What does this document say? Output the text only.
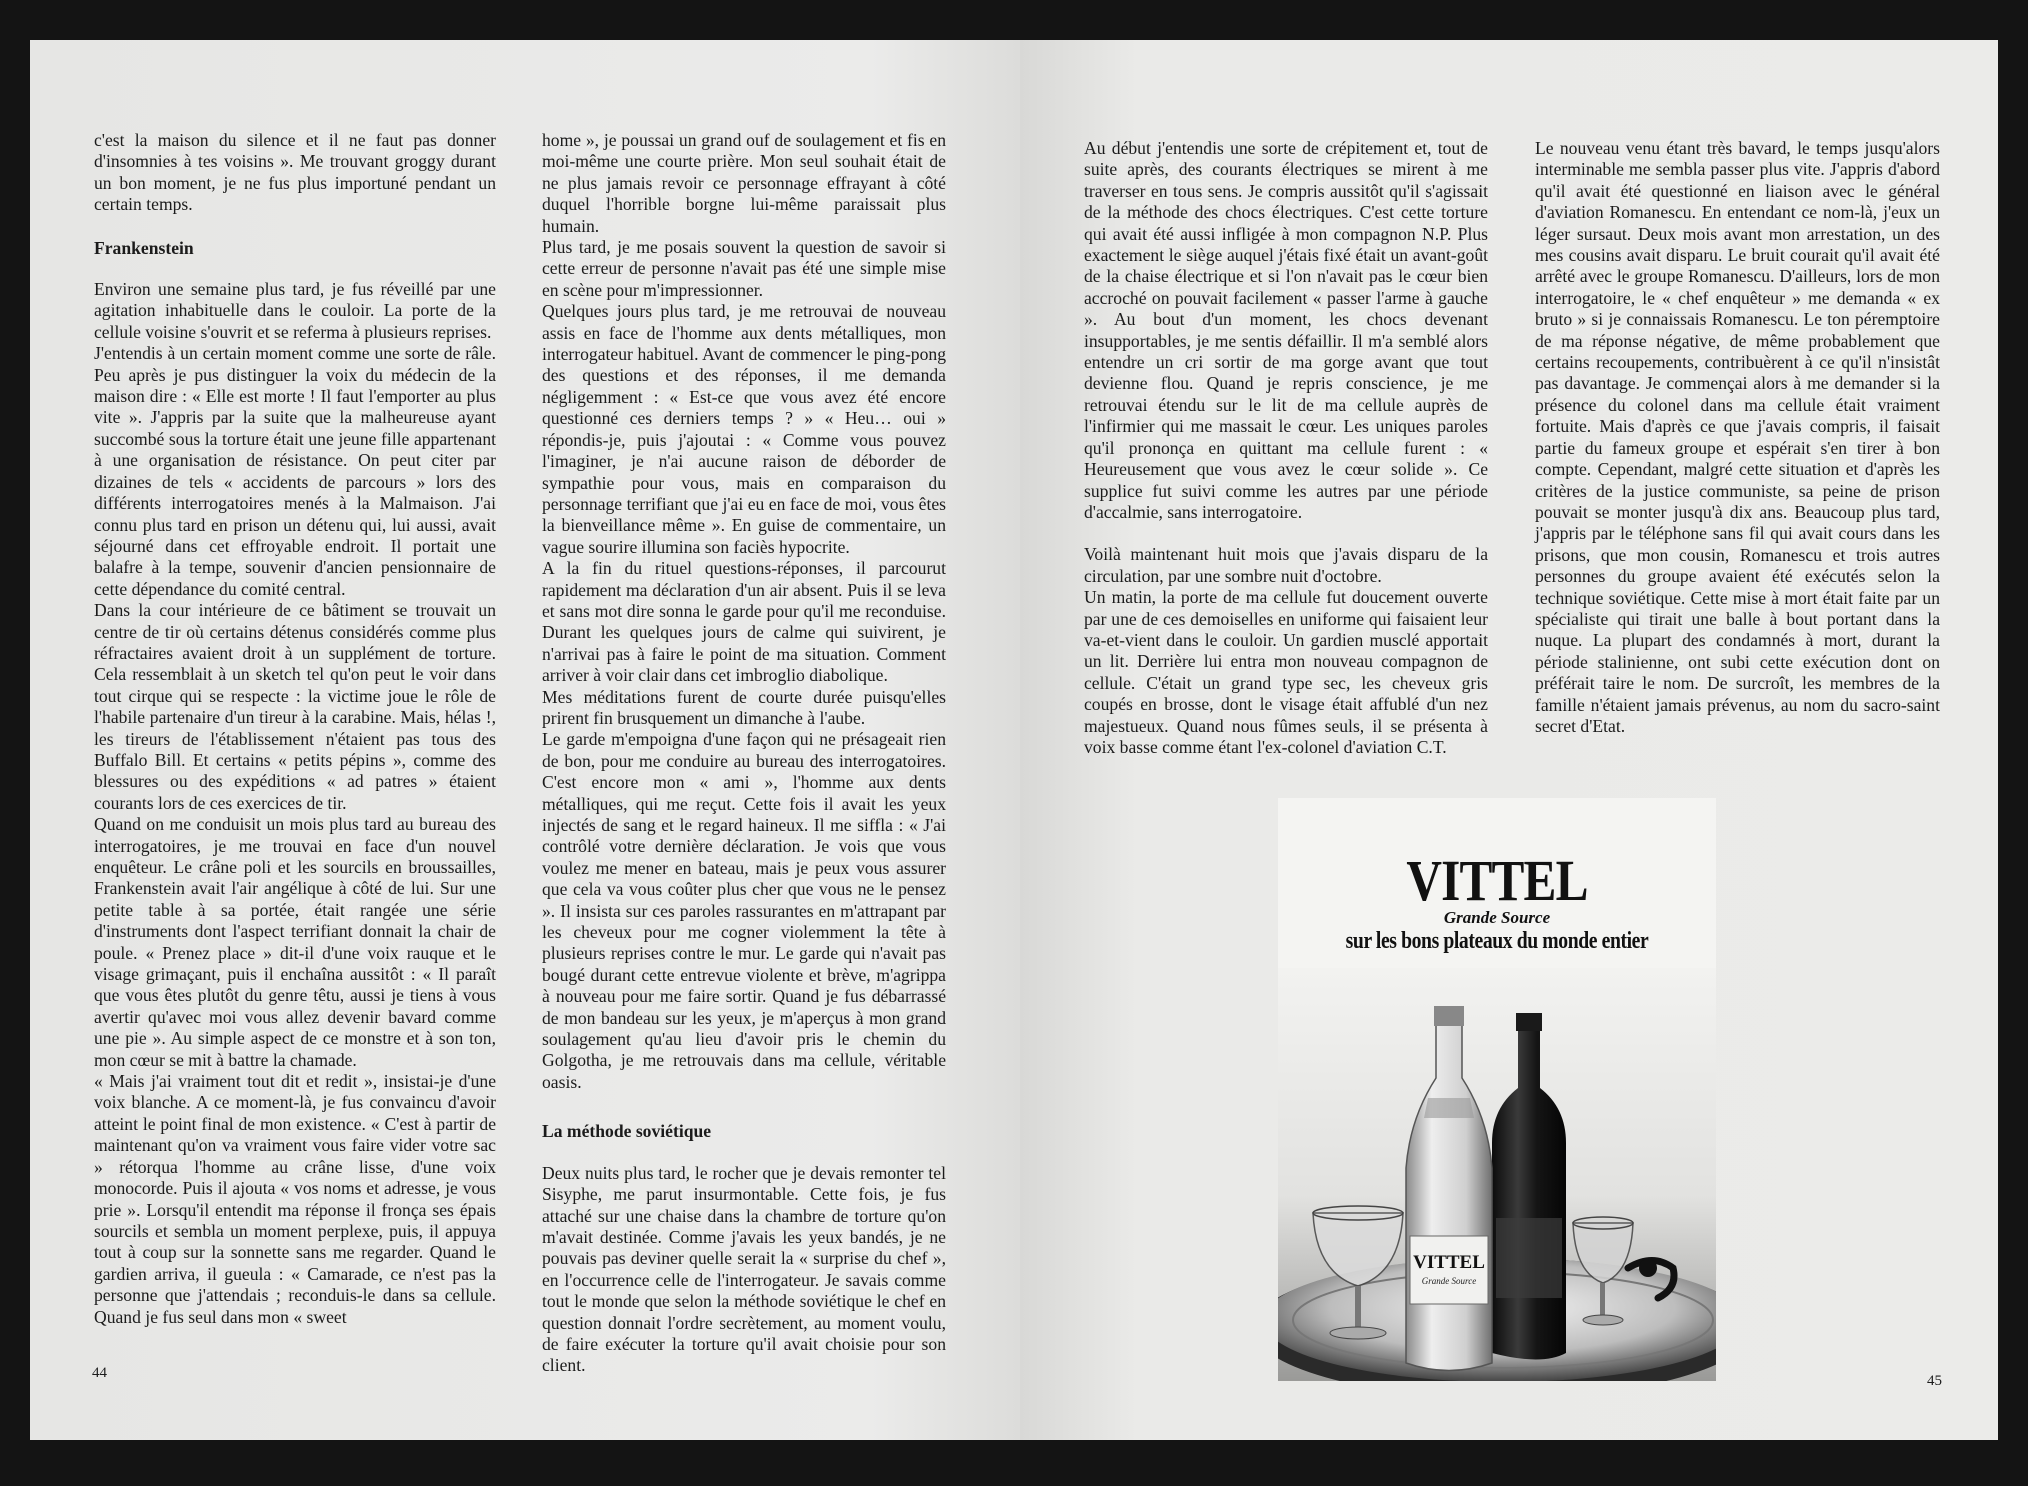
c'est la maison du silence et il ne faut pas donner d'insomnies à tes voisins ». Me trouvant groggy durant un bon moment, je ne fus plus importuné pendant un certain temps.

Frankenstein

Environ une semaine plus tard, je fus réveillé par une agitation inhabituelle dans le couloir. La porte de la cellule voisine s'ouvrit et se referma à plusieurs reprises.

J'entendis à un certain moment comme une sorte de râle. Peu après je pus distinguer la voix du médecin de la maison dire : « Elle est morte ! Il faut l'emporter au plus vite ». J'appris par la suite que la malheureuse ayant succombé sous la torture était une jeune fille appartenant à une organisation de résistance. On peut citer par dizaines de tels « accidents de parcours » lors des différents interrogatoires menés à la Malmaison. J'ai connu plus tard en prison un détenu qui, lui aussi, avait séjourné dans cet effroyable endroit. Il portait une balafre à la tempe, souvenir d'ancien pensionnaire de cette dépendance du comité central.

Dans la cour intérieure de ce bâtiment se trouvait un centre de tir où certains détenus considérés comme plus réfractaires avaient droit à un supplément de torture. Cela ressemblait à un sketch tel qu'on peut le voir dans tout cirque qui se respecte : la victime joue le rôle de l'habile partenaire d'un tireur à la carabine. Mais, hélas !, les tireurs de l'établissement n'étaient pas tous des Buffalo Bill. Et certains « petits pépins », comme des blessures ou des expéditions « ad patres » étaient courants lors de ces exercices de tir.

Quand on me conduisit un mois plus tard au bureau des interrogatoires, je me trouvai en face d'un nouvel enquêteur. Le crâne poli et les sourcils en broussailles, Frankenstein avait l'air angélique à côté de lui. Sur une petite table à sa portée, était rangée une série d'instruments dont l'aspect terrifiant donnait la chair de poule. « Prenez place » dit-il d'une voix rauque et le visage grimaçant, puis il enchaîna aussitôt : « Il paraît que vous êtes plutôt du genre têtu, aussi je tiens à vous avertir qu'avec moi vous allez devenir bavard comme une pie ». Au simple aspect de ce monstre et à son ton, mon cœur se mit à battre la chamade.

« Mais j'ai vraiment tout dit et redit », insistai-je d'une voix blanche. A ce moment-là, je fus convaincu d'avoir atteint le point final de mon existence. « C'est à partir de maintenant qu'on va vraiment vous faire vider votre sac » rétorqua l'homme au crâne lisse, d'une voix monocorde. Puis il ajouta « vos noms et adresse, je vous prie ». Lorsqu'il entendit ma réponse il fronça ses épais sourcils et sembla un moment perplexe, puis, il appuya tout à coup sur la sonnette sans me regarder. Quand le gardien arriva, il gueula : « Camarade, ce n'est pas la personne que j'attendais ; reconduis-le dans sa cellule. Quand je fus seul dans mon « sweet

home », je poussai un grand ouf de soulagement et fis en moi-même une courte prière. Mon seul souhait était de ne plus jamais revoir ce personnage effrayant à côté duquel l'horrible borgne lui-même paraissait plus humain.

Plus tard, je me posais souvent la question de savoir si cette erreur de personne n'avait pas été une simple mise en scène pour m'impressionner.

Quelques jours plus tard, je me retrouvai de nouveau assis en face de l'homme aux dents métalliques, mon interrogateur habituel. Avant de commencer le ping-pong des questions et des réponses, il me demanda négligemment : « Est-ce que vous avez été encore questionné ces derniers temps ? » « Heu… oui » répondis-je, puis j'ajoutai : « Comme vous pouvez l'imaginer, je n'ai aucune raison de déborder de sympathie pour vous, mais en comparaison du personnage terrifiant que j'ai eu en face de moi, vous êtes la bienveillance même ». En guise de commentaire, un vague sourire illumina son faciès hypocrite.

A la fin du rituel questions-réponses, il parcourut rapidement ma déclaration d'un air absent. Puis il se leva et sans mot dire sonna le garde pour qu'il me reconduise. Durant les quelques jours de calme qui suivirent, je n'arrivai pas à faire le point de ma situation. Comment arriver à voir clair dans cet imbroglio diabolique.

Mes méditations furent de courte durée puisqu'elles prirent fin brusquement un dimanche à l'aube.

Le garde m'empoigna d'une façon qui ne présageait rien de bon, pour me conduire au bureau des interrogatoires. C'est encore mon « ami », l'homme aux dents métalliques, qui me reçut. Cette fois il avait les yeux injectés de sang et le regard haineux. Il me siffla : « J'ai contrôlé votre dernière déclaration. Je vois que vous voulez me mener en bateau, mais je peux vous assurer que cela va vous coûter plus cher que vous ne le pensez ». Il insista sur ces paroles rassurantes en m'attrapant par les cheveux pour me cogner violemment la tête à plusieurs reprises contre le mur. Le garde qui n'avait pas bougé durant cette entrevue violente et brève, m'agrippa à nouveau pour me faire sortir. Quand je fus débarrassé de mon bandeau sur les yeux, je m'aperçus à mon grand soulagement qu'au lieu d'avoir pris le chemin du Golgotha, je me retrouvais dans ma cellule, véritable oasis.

La méthode soviétique

Deux nuits plus tard, le rocher que je devais remonter tel Sisyphe, me parut insurmontable. Cette fois, je fus attaché sur une chaise dans la chambre de torture qu'on m'avait destinée. Comme j'avais les yeux bandés, je ne pouvais pas deviner quelle serait la « surprise du chef », en l'occurrence celle de l'interrogateur. Je savais comme tout le monde que selon la méthode soviétique le chef en question donnait l'ordre secrètement, au moment voulu, de faire exécuter la torture qu'il avait choisie pour son client.

44

Au début j'entendis une sorte de crépitement et, tout de suite après, des courants électriques se mirent à me traverser en tous sens. Je compris aussitôt qu'il s'agissait de la méthode des chocs électriques. C'est cette torture qui avait été aussi infligée à mon compagnon N.P. Plus exactement le siège auquel j'étais fixé était un avant-goût de la chaise électrique et si l'on n'avait pas le cœur bien accroché on pouvait facilement « passer l'arme à gauche ». Au bout d'un moment, les chocs devenant insupportables, je me sentis défaillir. Il m'a semblé alors entendre un cri sortir de ma gorge avant que tout devienne flou. Quand je repris conscience, je me retrouvai étendu sur le lit de ma cellule auprès de l'infirmier qui me massait le cœur. Les uniques paroles qu'il prononça en quittant ma cellule furent : « Heureusement que vous avez le cœur solide ». Ce supplice fut suivi comme les autres par une période d'accalmie, sans interrogatoire.

Voilà maintenant huit mois que j'avais disparu de la circulation, par une sombre nuit d'octobre.

Un matin, la porte de ma cellule fut doucement ouverte par une de ces demoiselles en uniforme qui faisaient leur va-et-vient dans le couloir. Un gardien musclé apportait un lit. Derrière lui entra mon nouveau compagnon de cellule. C'était un grand type sec, les cheveux gris coupés en brosse, dont le visage était affublé d'un nez majestueux. Quand nous fûmes seuls, il se présenta à voix basse comme étant l'ex-colonel d'aviation C.T.

Le nouveau venu étant très bavard, le temps jusqu'alors interminable me sembla passer plus vite. J'appris d'abord qu'il avait été questionné en liaison avec le général d'aviation Romanescu. En entendant ce nom-là, j'eux un léger sursaut. Deux mois avant mon arrestation, un des mes cousins avait disparu. Le bruit courait qu'il avait été arrêté avec le groupe Romanescu. D'ailleurs, lors de mon interrogatoire, le « chef enquêteur » me demanda « ex bruto » si je connaissais Romanescu. Le ton péremptoire de ma réponse négative, de même probablement que certains recoupements, contribuèrent à ce qu'il n'insistât pas davantage. Je commençai alors à me demander si la présence du colonel dans ma cellule était vraiment fortuite. Mais d'après ce que j'avais compris, il faisait partie du fameux groupe et espérait s'en tirer à bon compte. Cependant, malgré cette situation et d'après les critères de la justice communiste, sa peine de prison pouvait se monter jusqu'à dix ans. Beaucoup plus tard, j'appris par le téléphone sans fil qui avait cours dans les prisons, que mon cousin, Romanescu et trois autres personnes du groupe avaient été exécutés selon la technique soviétique. Cette mise à mort était faite par un spécialiste qui tirait une balle à bout portant dans la nuque. La plupart des condamnés à mort, durant la période stalinienne, ont subi cette exécution dont on préférait taire le nom. De surcroît, les membres de la famille n'étaient jamais prévenus, au nom du sacro-saint secret d'Etat.

VITTEL
Grande Source
sur les bons plateaux du monde entier
VITTEL
Grande Source
45
